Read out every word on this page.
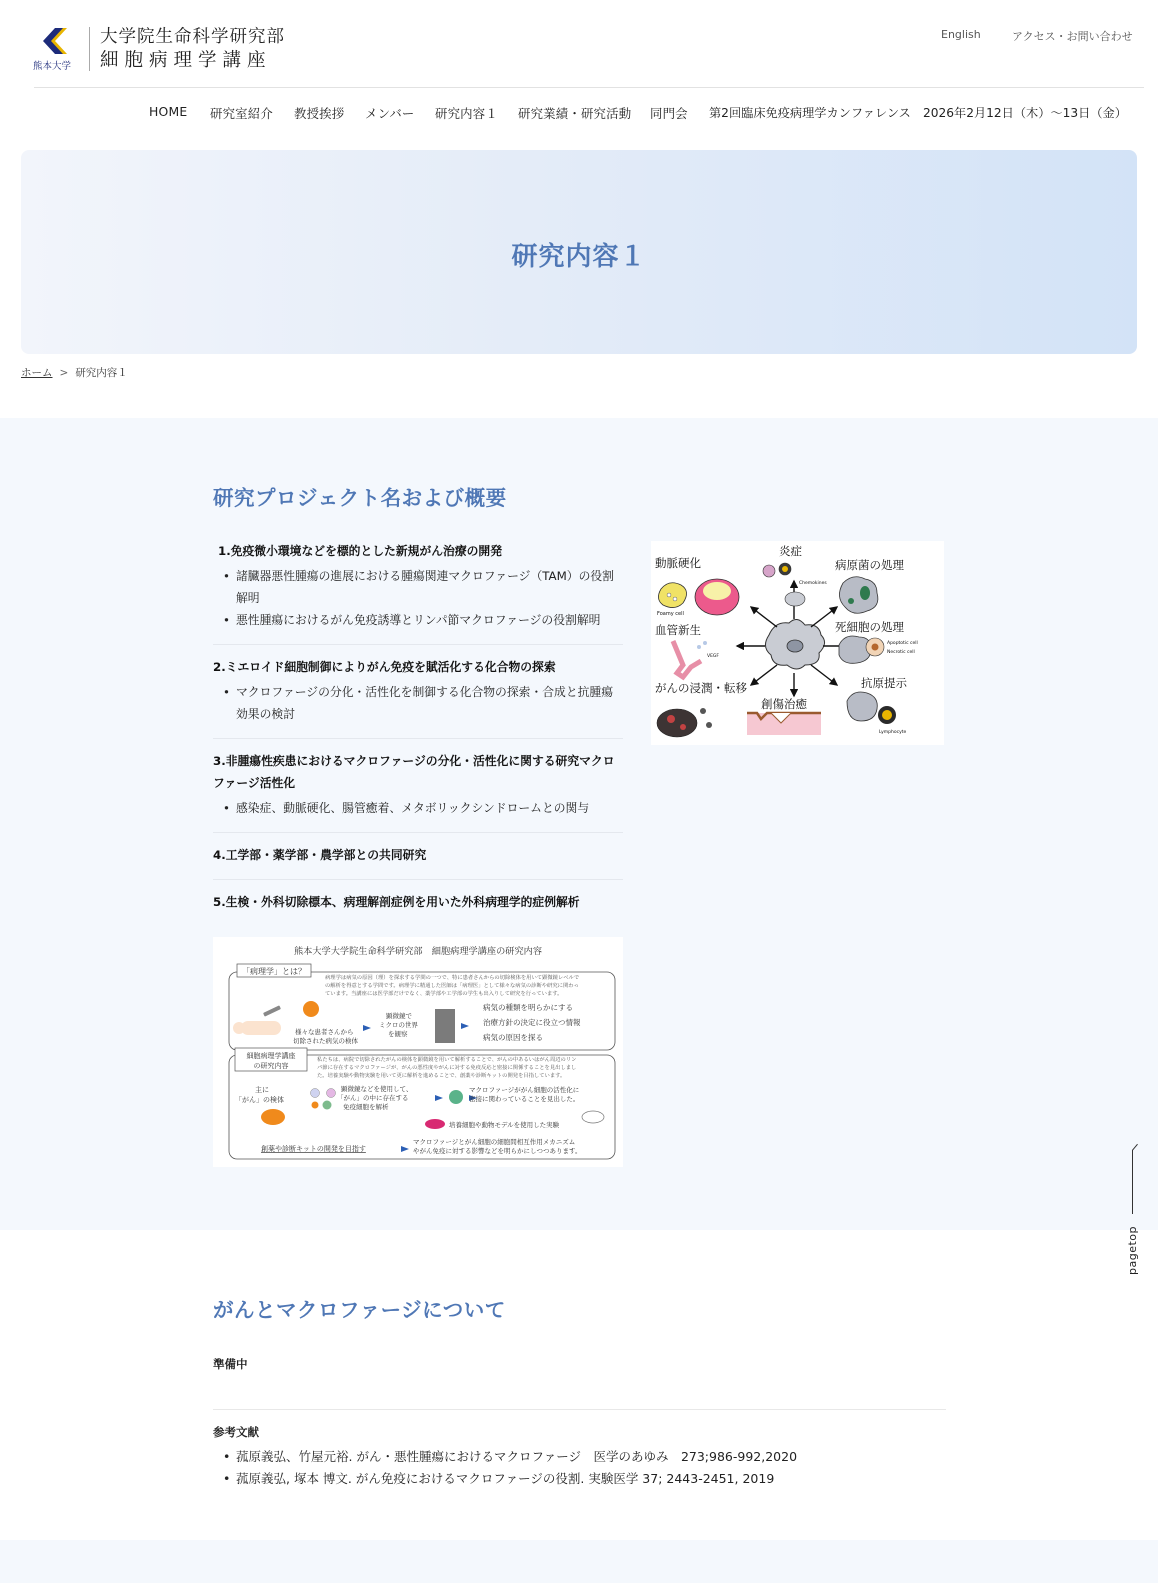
熊本大学
大学院生命科学研究部
細胞病理学講座
English	アクセス・お問い合わせ
HOME 研究室紹介 教授挨拶 メンバー 研究内容１ 研究業績・研究活動 同門会 第2回臨床免疫病理学カンファレンス　2026年2月12日（木）〜13日（金）
研究内容１
ホーム > 研究内容１
研究プロジェクト名および概要
1.免疫微小環境などを標的とした新規がん治療の開発
• 諸臓器悪性腫瘍の進展における腫瘍関連マクロファージ（TAM）の役割解明
• 悪性腫瘍におけるがん免疫誘導とリンパ節マクロファージの役割解明
2.ミエロイド細胞制御によりがん免疫を賦活化する化合物の探索
• マクロファージの分化・活性化を制御する化合物の探索・合成と抗腫瘍効果の検討
3.非腫瘍性疾患におけるマクロファージの分化・活性化に関する研究マクロファージ活性化
• 感染症、動脈硬化、腸管癒着、メタボリックシンドロームとの関与
4.工学部・薬学部・農学部との共同研究
5.生検・外科切除標本、病理解剖症例を用いた外科病理学的症例解析
炎症
動脈硬化	病原菌の処理
血管新生	死細胞の処理
がんの浸潤・転移	抗原提示
創傷治癒
Foamy cell
Chemokines
VEGF
Apoptotic cell
Necrotic cell
Lymphocyte
熊本大学大学院生命科学研究部　細胞病理学講座の研究内容
「病理学」とは？
病理学は病気の原因（理）を探求する学問の一つで、特に患者さんからの切除検体を用いて顕微鏡レベルで
の解析を得意とする学問です。病理学に精通した医師は「病理医」として様々な病気の診断や研究に関わっ
ています。当講座には医学部だけでなく、薬学部や工学部の学生も出入りして研究を行っています。
様々な患者さんから
切除された病気の検体
顕微鏡で
ミクロの世界
を観察
病気の種類を明らかにする
治療方針の決定に役立つ情報
病気の原因を探る
細胞病理学講座
の研究内容
私たちは、病院で切除されたがんの検体を顕微鏡を用いて解析することで、がんの中あるいはがん周辺のリン
パ節に存在するマクロファージが、がんの悪性度やがんに対する免疫反応と密接に関係することを見出しまし
た。培養実験や動物実験を用いて更に解析を進めることで、創薬や診断キットの開発を目指しています。
主に
「がん」の検体
顕微鏡などを使用して、
「がん」の中に存在する
免疫細胞を解析
マクロファージががん細胞の活性化に
密接に関わっていることを見出した。
培養細胞や動物モデルを使用した実験
創薬や診断キットの開発を目指す
マクロファージとがん細胞の細胞間相互作用メカニズム
やがん免疫に対する影響などを明らかにしつつあります。
がんとマクロファージについて
準備中
参考文献
• 菰原義弘、竹屋元裕. がん・悪性腫瘍におけるマクロファージ　医学のあゆみ　273;986-992,2020
• 菰原義弘, 塚本 博文. がん免疫におけるマクロファージの役割. 実験医学 37; 2443-2451, 2019
pagetop
